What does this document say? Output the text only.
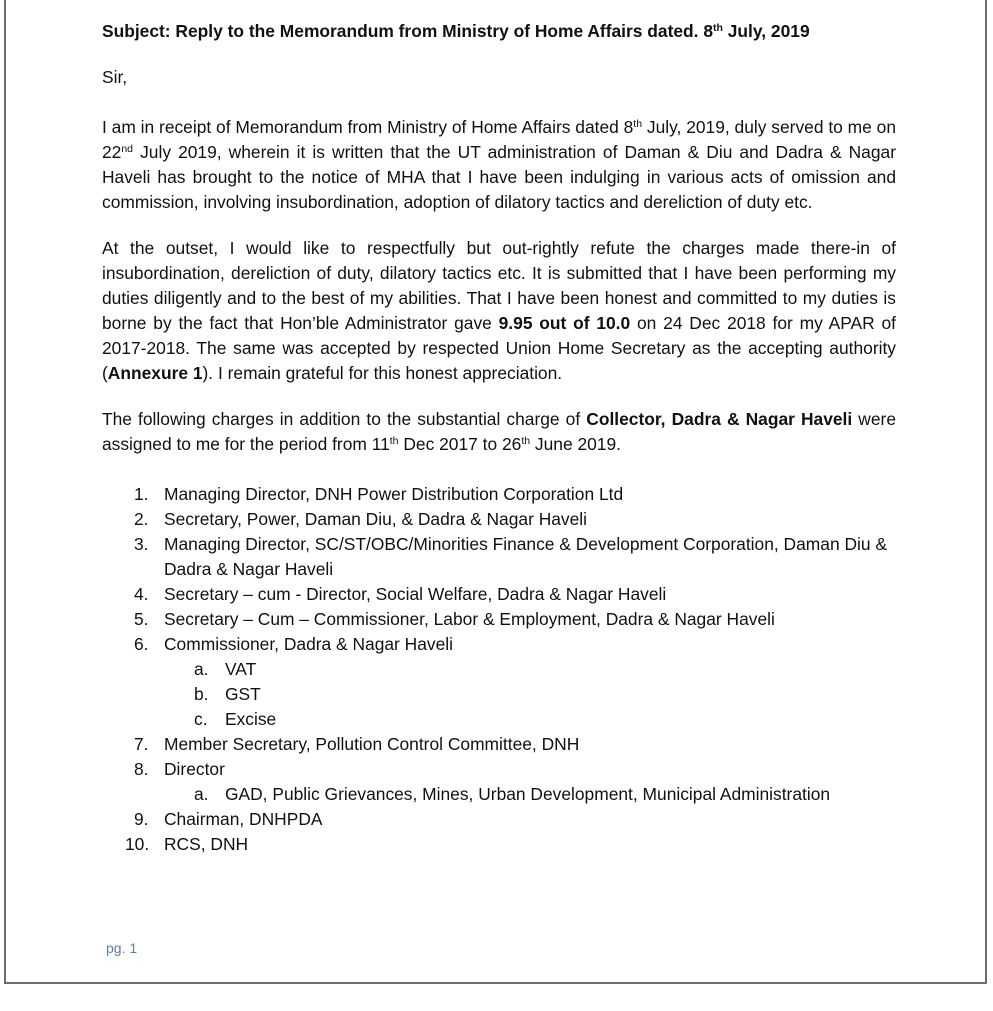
Subject: Reply to the Memorandum from Ministry of Home Affairs dated. 8th July, 2019

Sir,

I am in receipt of Memorandum from Ministry of Home Affairs dated 8th July, 2019, duly served to me on 22nd July 2019, wherein it is written that the UT administration of Daman & Diu and Dadra & Nagar Haveli has brought to the notice of MHA that I have been indulging in various acts of omission and commission, involving insubordination, adoption of dilatory tactics and dereliction of duty etc.

At the outset, I would like to respectfully but out-rightly refute the charges made there-in of insubordination, dereliction of duty, dilatory tactics etc. It is submitted that I have been performing my duties diligently and to the best of my abilities. That I have been honest and committed to my duties is borne by the fact that Hon’ble Administrator gave 9.95 out of 10.0 on 24 Dec 2018 for my APAR of 2017-2018. The same was accepted by respected Union Home Secretary as the accepting authority (Annexure 1). I remain grateful for this honest appreciation.

The following charges in addition to the substantial charge of Collector, Dadra & Nagar Haveli were assigned to me for the period from 11th Dec 2017 to 26th June 2019.

1. Managing Director, DNH Power Distribution Corporation Ltd
2. Secretary, Power, Daman Diu, & Dadra & Nagar Haveli
3. Managing Director, SC/ST/OBC/Minorities Finance & Development Corporation, Daman Diu & Dadra & Nagar Haveli
4. Secretary – cum - Director, Social Welfare, Dadra & Nagar Haveli
5. Secretary – Cum – Commissioner, Labor & Employment, Dadra & Nagar Haveli
6. Commissioner, Dadra & Nagar Haveli
a. VAT
b. GST
c. Excise
7. Member Secretary, Pollution Control Committee, DNH
8. Director
a. GAD, Public Grievances, Mines, Urban Development, Municipal Administration
9. Chairman, DNHPDA
10. RCS, DNH
pg. 1
